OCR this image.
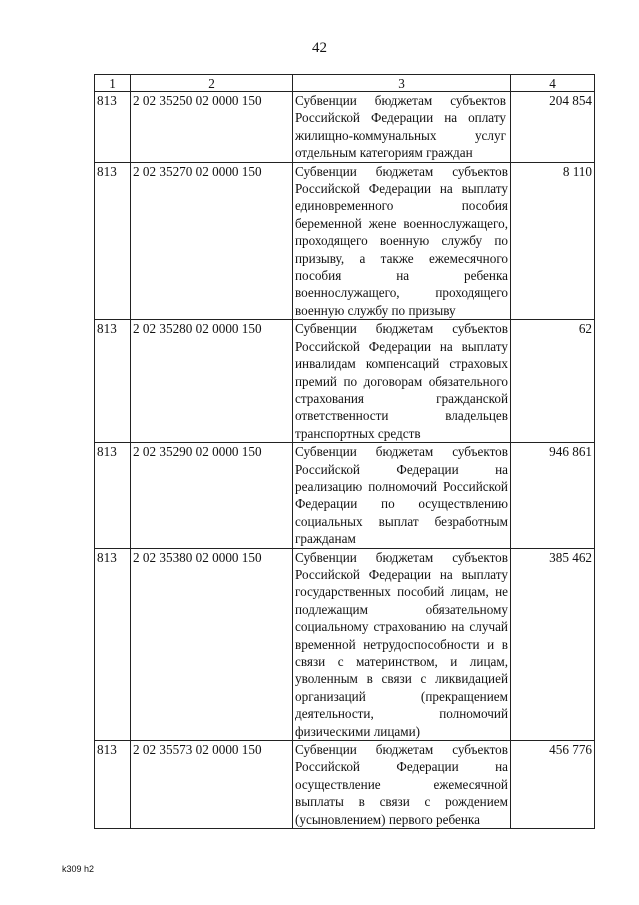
42
1	2	3	4
813	2 02 35250 02 0000 150	Субвенции бюджетам субъектов Российской Федерации на оплату жилищно-коммунальных услуг отдельным категориям граждан	204 854
813	2 02 35270 02 0000 150	Субвенции бюджетам субъектов Российской Федерации на выплату единовременного пособия беременной жене военнослужащего, проходящего военную службу по призыву, а также ежемесячного пособия на ребенка военнослужащего, проходящего военную службу по призыву	8 110
813	2 02 35280 02 0000 150	Субвенции бюджетам субъектов Российской Федерации на выплату инвалидам компенсаций страховых премий по договорам обязательного страхования гражданской ответственности владельцев транспортных средств	62
813	2 02 35290 02 0000 150	Субвенции бюджетам субъектов Российской Федерации на реализацию полномочий Российской Федерации по осуществлению социальных выплат безработным гражданам	946 861
813	2 02 35380 02 0000 150	Субвенции бюджетам субъектов Российской Федерации на выплату государственных пособий лицам, не подлежащим обязательному социальному страхованию на случай временной нетрудоспособности и в связи с материнством, и лицам, уволенным в связи с ликвидацией организаций (прекращением деятельности, полномочий физическими лицами)	385 462
813	2 02 35573 02 0000 150	Субвенции бюджетам субъектов Российской Федерации на осуществление ежемесячной выплаты в связи с рождением (усыновлением) первого ребенка	456 776
k309 h2
